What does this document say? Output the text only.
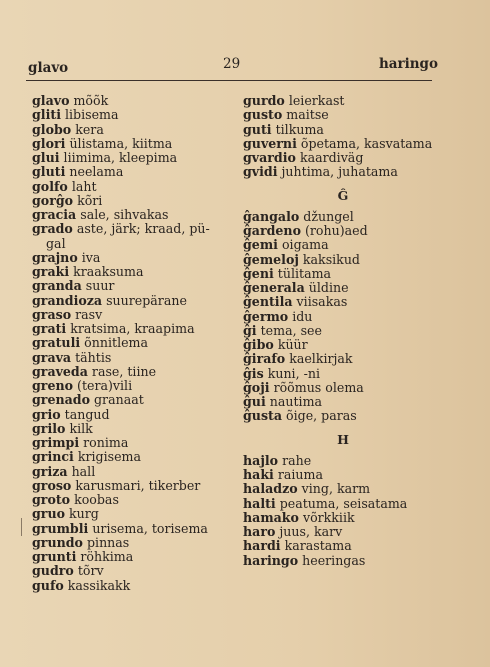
glavo	29	haringo
glavo mõõk
gliti libisema
globo kera
glori ülistama, kiitma
glui liimima, kleepima
gluti neelama
golfo laht
gorĝo kõri
gracia sale, sihvakas
grado aste, järk; kraad, pü-
gal
grajno iva
graki kraaksuma
granda suur
grandioza suurepärane
graso rasv
grati kratsima, kraapima
gratuli õnnitlema
grava tähtis
graveda rase, tiine
greno (tera)vili
grenado granaat
grio tangud
grilo kilk
grimpi ronima
grinci krigisema
griza hall
groso karusmari, tikerber
groto koobas
gruo kurg
grumbli urisema, torisema
grundo pinnas
grunti röhkima
gudro tõrv
gufo kassikakk
gurdo leierkast
gusto maitse
guti tilkuma
guverni õpetama, kasvatama
gvardio kaardiväg
gvidi juhtima, juhatama
Ĝ
ĝangalo džungel
ĝardeno (rohu)aed
ĝemi oigama
ĝemeloj kaksikud
ĝeni tülitama
ĝenerala üldine
ĝentila viisakas
ĝermo idu
ĝi tema, see
ĝibo küür
ĝirafo kaelkirjak
ĝis kuni, -ni
ĝoji rõõmus olema
ĝui nautima
ĝusta õige, paras
H
hajlo rahe
haki raiuma
haladzo ving, karm
halti peatuma, seisatama
hamako võrkkiik
haro juus, karv
hardi karastama
haringo heeringas
